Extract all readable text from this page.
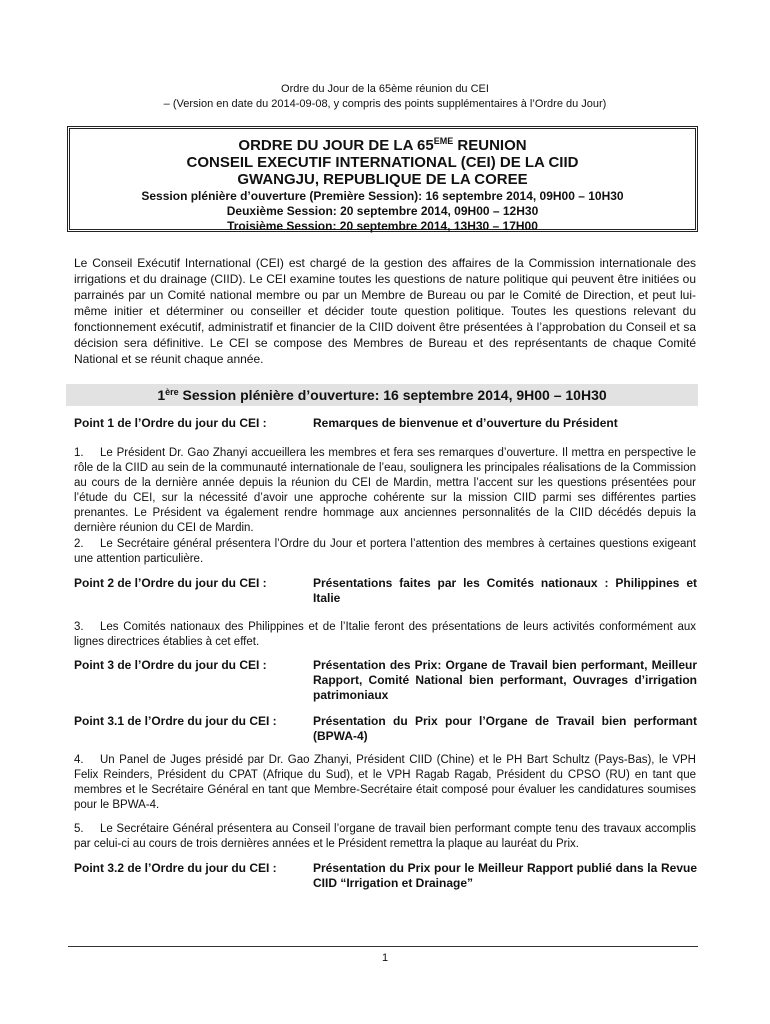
Ordre du Jour de la 65ème réunion du CEI
– (Version en date du 2014-09-08, y compris des points supplémentaires à l’Ordre du Jour)
ORDRE DU JOUR DE LA 65EME REUNION
CONSEIL EXECUTIF INTERNATIONAL (CEI) DE LA CIID
GWANGJU, REPUBLIQUE DE LA COREE
Session plénière d’ouverture (Première Session): 16 septembre 2014, 09H00 – 10H30
Deuxième Session: 20 septembre 2014, 09H00 – 12H30
Troisième Session: 20 septembre 2014, 13H30 – 17H00
Le Conseil Exécutif International (CEI) est chargé de la gestion des affaires de la Commission internationale des irrigations et du drainage (CIID). Le CEI examine toutes les questions de nature politique qui peuvent être initiées ou parrainés par un Comité national membre ou par un Membre de Bureau ou par le Comité de Direction, et peut lui-même initier et déterminer ou conseiller et décider toute question politique. Toutes les questions relevant du fonctionnement exécutif, administratif et financier de la CIID doivent être présentées à l’approbation du Conseil et sa décision sera définitive. Le CEI se compose des Membres de Bureau et des représentants de chaque Comité National et se réunit chaque année.
1ère Session plénière d’ouverture: 16 septembre 2014, 9H00 – 10H30
Point 1 de l’Ordre du jour du CEI :	Remarques de bienvenue et d’ouverture du Président
1. Le Président Dr. Gao Zhanyi accueillera les membres et fera ses remarques d’ouverture. Il mettra en perspective le rôle de la CIID au sein de la communauté internationale de l’eau, soulignera les principales réalisations de la Commission au cours de la dernière année depuis la réunion du CEI de Mardin, mettra l’accent sur les questions présentées pour l’étude du CEI, sur la nécessité d’avoir une approche cohérente sur la mission CIID parmi ses différentes parties prenantes. Le Président va également rendre hommage aux anciennes personnalités de la CIID décédés depuis la dernière réunion du CEI de Mardin.
2. Le Secrétaire général présentera l’Ordre du Jour et portera l’attention des membres à certaines questions exigeant une attention particulière.
Point 2 de l’Ordre du jour du CEI :	Présentations faites par les Comités nationaux : Philippines et Italie
3. Les Comités nationaux des Philippines et de l’Italie feront des présentations de leurs activités conformément aux lignes directrices établies à cet effet.
Point 3 de l’Ordre du jour du CEI :	Présentation des Prix: Organe de Travail bien performant, Meilleur Rapport, Comité National bien performant, Ouvrages d’irrigation patrimoniaux
Point 3.1 de l’Ordre du jour du CEI :	Présentation du Prix pour l’Organe de Travail bien performant (BPWA-4)
4. Un Panel de Juges présidé par Dr. Gao Zhanyi, Président CIID (Chine) et le PH Bart Schultz (Pays-Bas), le VPH Felix Reinders, Président du CPAT (Afrique du Sud), et le VPH Ragab Ragab, Président du CPSO (RU) en tant que membres et le Secrétaire Général en tant que Membre-Secrétaire était composé pour évaluer les candidatures soumises pour le BPWA-4.
5. Le Secrétaire Général présentera au Conseil l’organe de travail bien performant compte tenu des travaux accomplis par celui-ci au cours de trois dernières années et le Président remettra la plaque au lauréat du Prix.
Point 3.2 de l’Ordre du jour du CEI :	Présentation du Prix pour le Meilleur Rapport publié dans la Revue CIID “Irrigation et Drainage”
1
